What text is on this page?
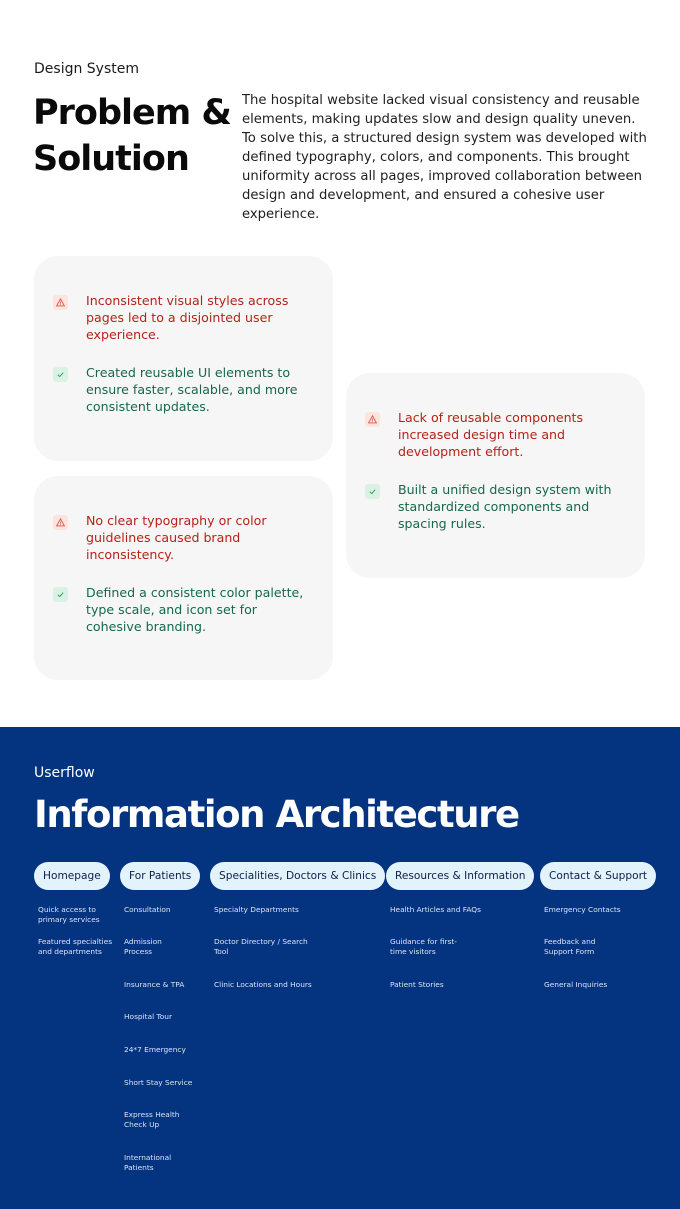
Design System
Problem & Solution
The hospital website lacked visual consistency and reusable elements, making updates slow and design quality uneven. To solve this, a structured design system was developed with defined typography, colors, and components. This brought uniformity across all pages, improved collaboration between design and development, and ensured a cohesive user experience.
Inconsistent visual styles across pages led to a disjointed user experience.
Created reusable UI elements to ensure faster, scalable, and more consistent updates.
No clear typography or color guidelines caused brand inconsistency.
Defined a consistent color palette, type scale, and icon set for cohesive branding.
Lack of reusable components increased design time and development effort.
Built a unified design system with standardized components and spacing rules.
Userflow
Information Architecture
Homepage
Quick access to primary services
Featured specialties and departments
For Patients
Consultation
Admission Process
Insurance & TPA
Hospital Tour
24*7 Emergency
Short Stay Service
Express Health Check Up
International Patients
Specialities, Doctors & Clinics
Specialty Departments
Doctor Directory / Search Tool
Clinic Locations and Hours
Resources & Information
Health Articles and FAQs
Guidance for first-time visitors
Patient Stories
Contact & Support
Emergency Contacts
Feedback and Support Form
General Inquiries
